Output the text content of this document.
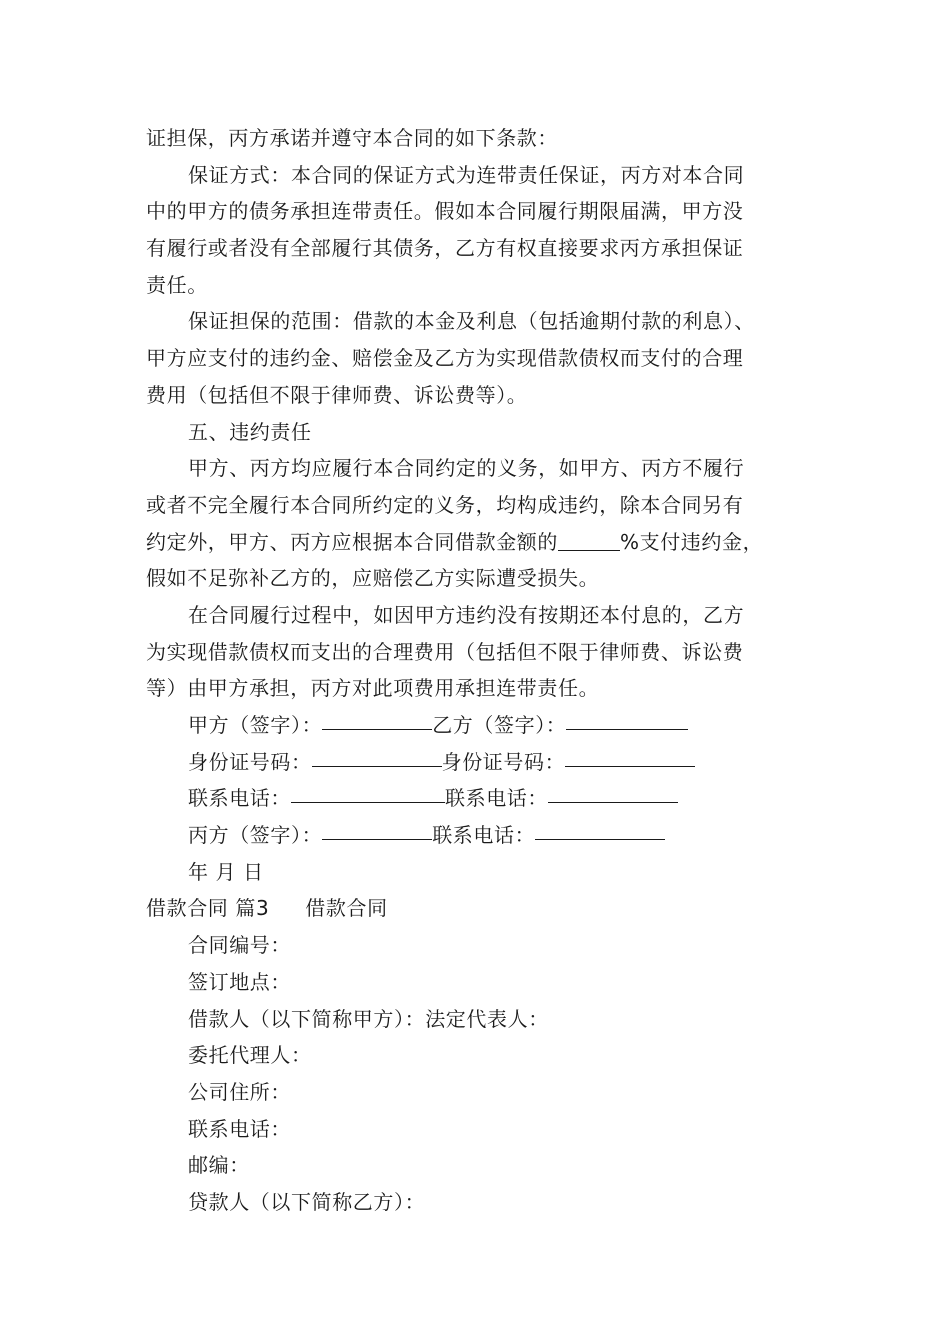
证担保，丙方承诺并遵守本合同的如下条款：
保证方式：本合同的保证方式为连带责任保证，丙方对本合同
中的甲方的债务承担连带责任。假如本合同履行期限届满，甲方没
有履行或者没有全部履行其债务，乙方有权直接要求丙方承担保证
责任。
保证担保的范围：借款的本金及利息（包括逾期付款的利息）、
甲方应支付的违约金、赔偿金及乙方为实现借款债权而支付的合理
费用（包括但不限于律师费、诉讼费等）。
五、违约责任
甲方、丙方均应履行本合同约定的义务，如甲方、丙方不履行
或者不完全履行本合同所约定的义务，均构成违约，除本合同另有
约定外，甲方、丙方应根据本合同借款金额的	%支付违约金，
假如不足弥补乙方的，应赔偿乙方实际遭受损失。
在合同履行过程中，如因甲方违约没有按期还本付息的，乙方
为实现借款债权而支出的合理费用（包括但不限于律师费、诉讼费
等）由甲方承担，丙方对此项费用承担连带责任。
甲方（签字）：	乙方（签字）：
身份证号码：	身份证号码：
联系电话：	联系电话：
丙方（签字）：	联系电话：
年 月 日
借款合同 篇3 借款合同
合同编号：
签订地点：
借款人（以下简称甲方）：法定代表人：
委托代理人：
公司住所：
联系电话：
邮编：
贷款人（以下简称乙方）：
